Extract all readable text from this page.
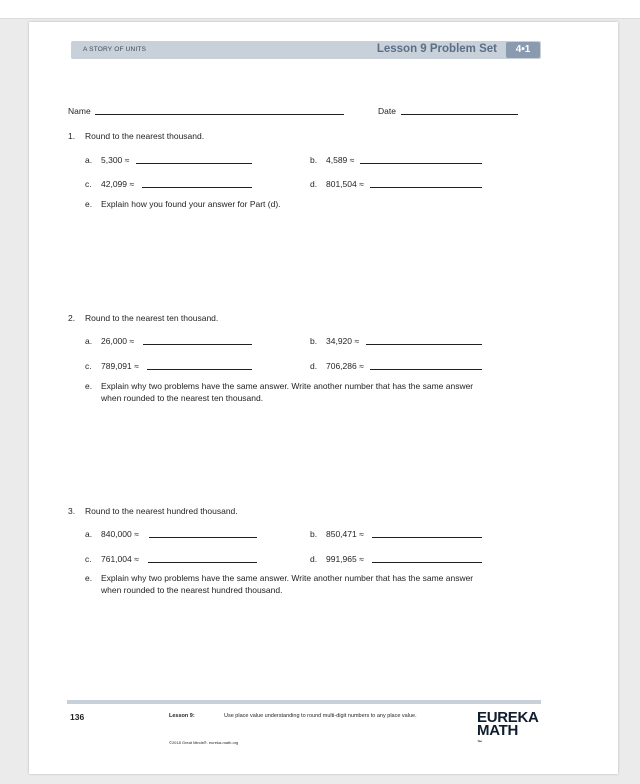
A STORY OF UNITS	Lesson 9 Problem Set	4•1
Name	Date
1. Round to the nearest thousand.
a. 5,300 ≈	b. 4,589 ≈
c. 42,099 ≈	d. 801,504 ≈
e. Explain how you found your answer for Part (d).
2. Round to the nearest ten thousand.
a. 26,000 ≈	b. 34,920 ≈
c. 789,091 ≈	d. 706,286 ≈
e. Explain why two problems have the same answer. Write another number that has the same answer
when rounded to the nearest ten thousand.
3. Round to the nearest hundred thousand.
a. 840,000 ≈	b. 850,471 ≈
c. 761,004 ≈	d. 991,965 ≈
e. Explain why two problems have the same answer. Write another number that has the same answer
when rounded to the nearest hundred thousand.
136	Lesson 9:	Use place value understanding to round multi-digit numbers to any place value.
©2018 Great Minds®. eureka-math.org
EUREKA
MATH
™
